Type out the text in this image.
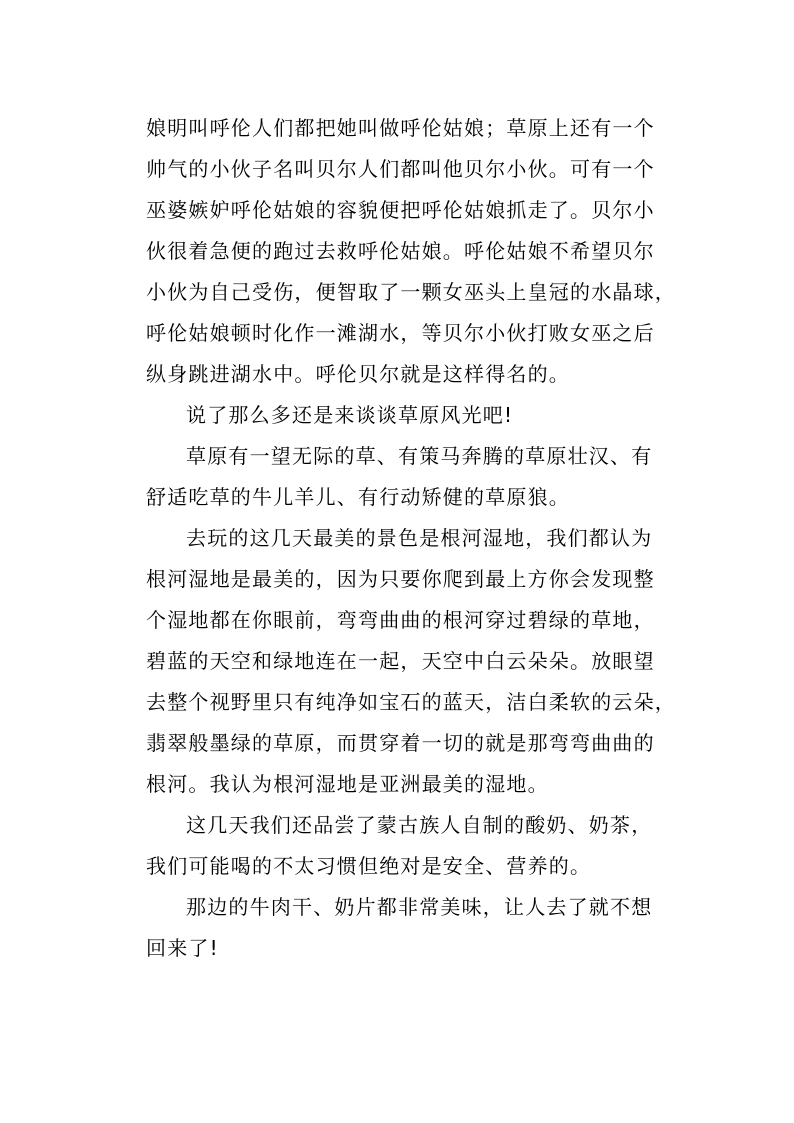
娘明叫呼伦人们都把她叫做呼伦姑娘；草原上还有一个
帅气的小伙子名叫贝尔人们都叫他贝尔小伙。可有一个
巫婆嫉妒呼伦姑娘的容貌便把呼伦姑娘抓走了。贝尔小
伙很着急便的跑过去救呼伦姑娘。呼伦姑娘不希望贝尔
小伙为自己受伤，便智取了一颗女巫头上皇冠的水晶球，
呼伦姑娘顿时化作一滩湖水，等贝尔小伙打败女巫之后
纵身跳进湖水中。呼伦贝尔就是这样得名的。
说了那么多还是来谈谈草原风光吧!
草原有一望无际的草、有策马奔腾的草原壮汉、有
舒适吃草的牛儿羊儿、有行动矫健的草原狼。
去玩的这几天最美的景色是根河湿地，我们都认为
根河湿地是最美的，因为只要你爬到最上方你会发现整
个湿地都在你眼前，弯弯曲曲的根河穿过碧绿的草地，
碧蓝的天空和绿地连在一起，天空中白云朵朵。放眼望
去整个视野里只有纯净如宝石的蓝天，洁白柔软的云朵，
翡翠般墨绿的草原，而贯穿着一切的就是那弯弯曲曲的
根河。我认为根河湿地是亚洲最美的湿地。
这几天我们还品尝了蒙古族人自制的酸奶、奶茶，
我们可能喝的不太习惯但绝对是安全、营养的。
那边的牛肉干、奶片都非常美味，让人去了就不想
回来了!
